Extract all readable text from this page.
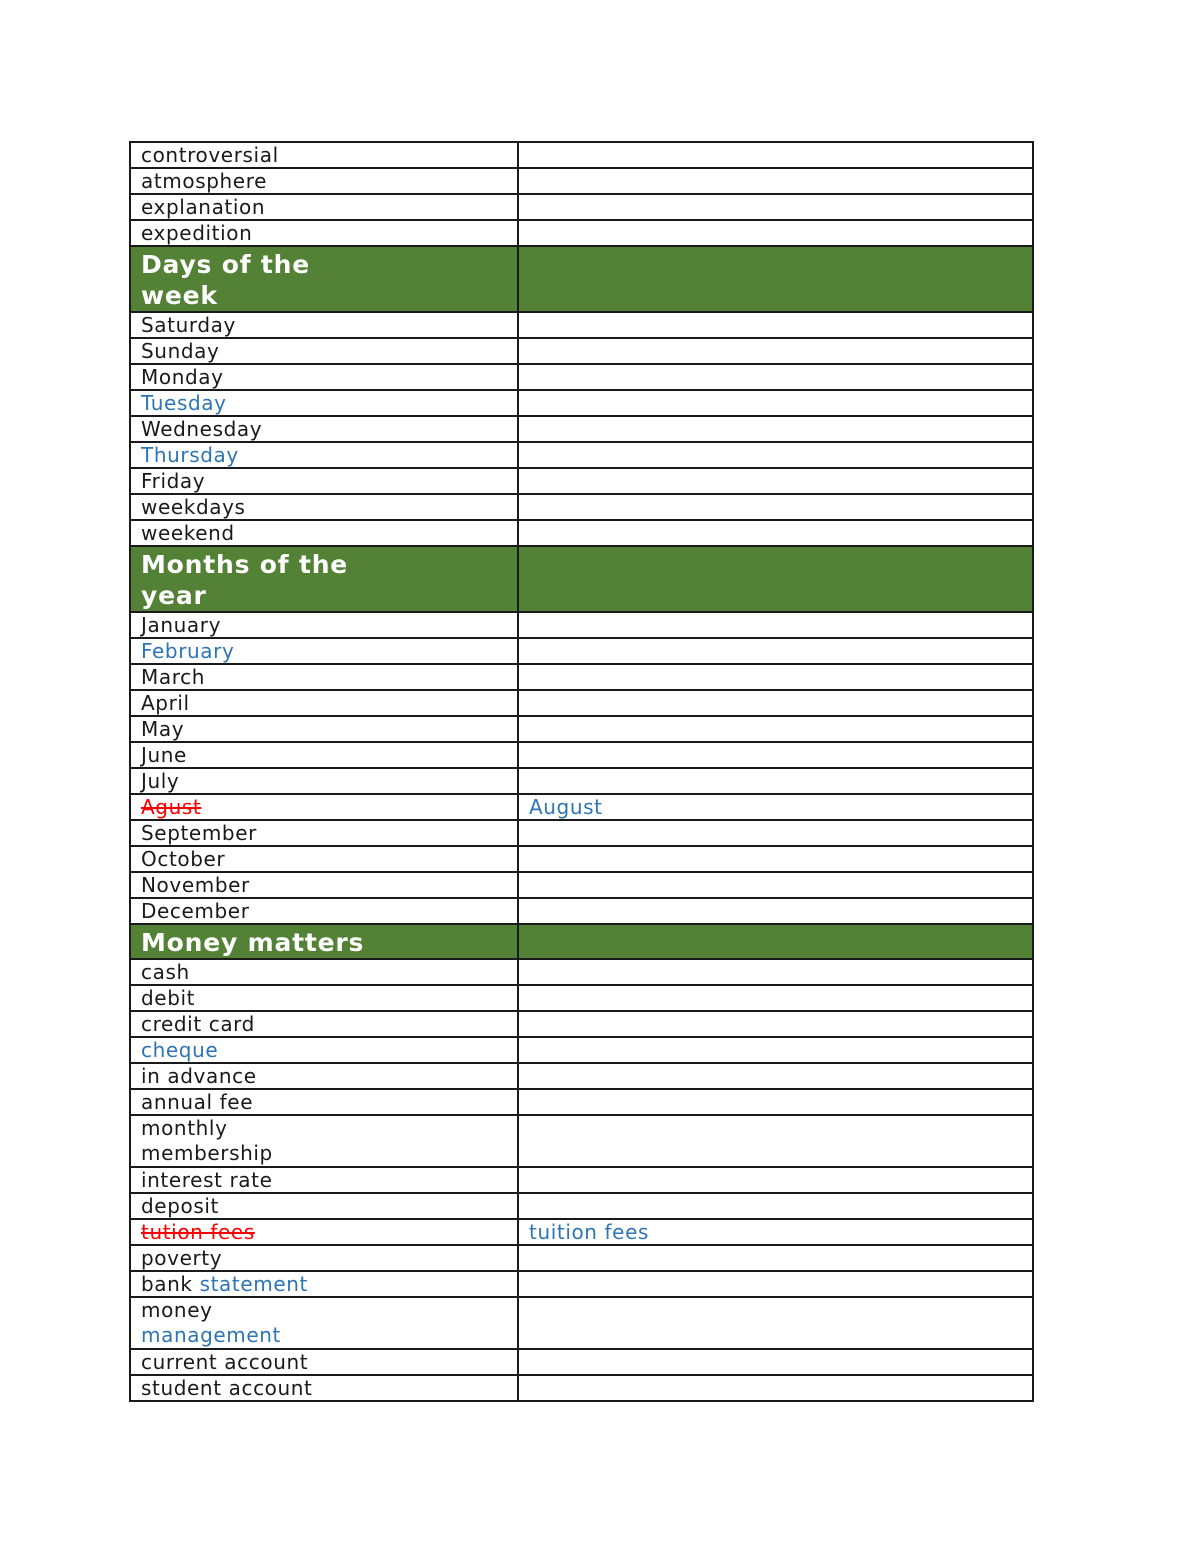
controversial	
atmosphere	
explanation	
expedition	
Days of the
week	
Saturday	
Sunday	
Monday	
Tuesday	
Wednesday	
Thursday	
Friday	
weekdays	
weekend	
Months of the
year	
January	
February	
March	
April	
May	
June	
July	
Agust	August
September	
October	
November	
December	
Money matters	
cash	
debit	
credit card	
cheque	
in advance	
annual fee	
monthly
membership	
interest rate	
deposit	
tution fees	tuition fees
poverty	
bank statement	
money
management	
current account	
student account	
